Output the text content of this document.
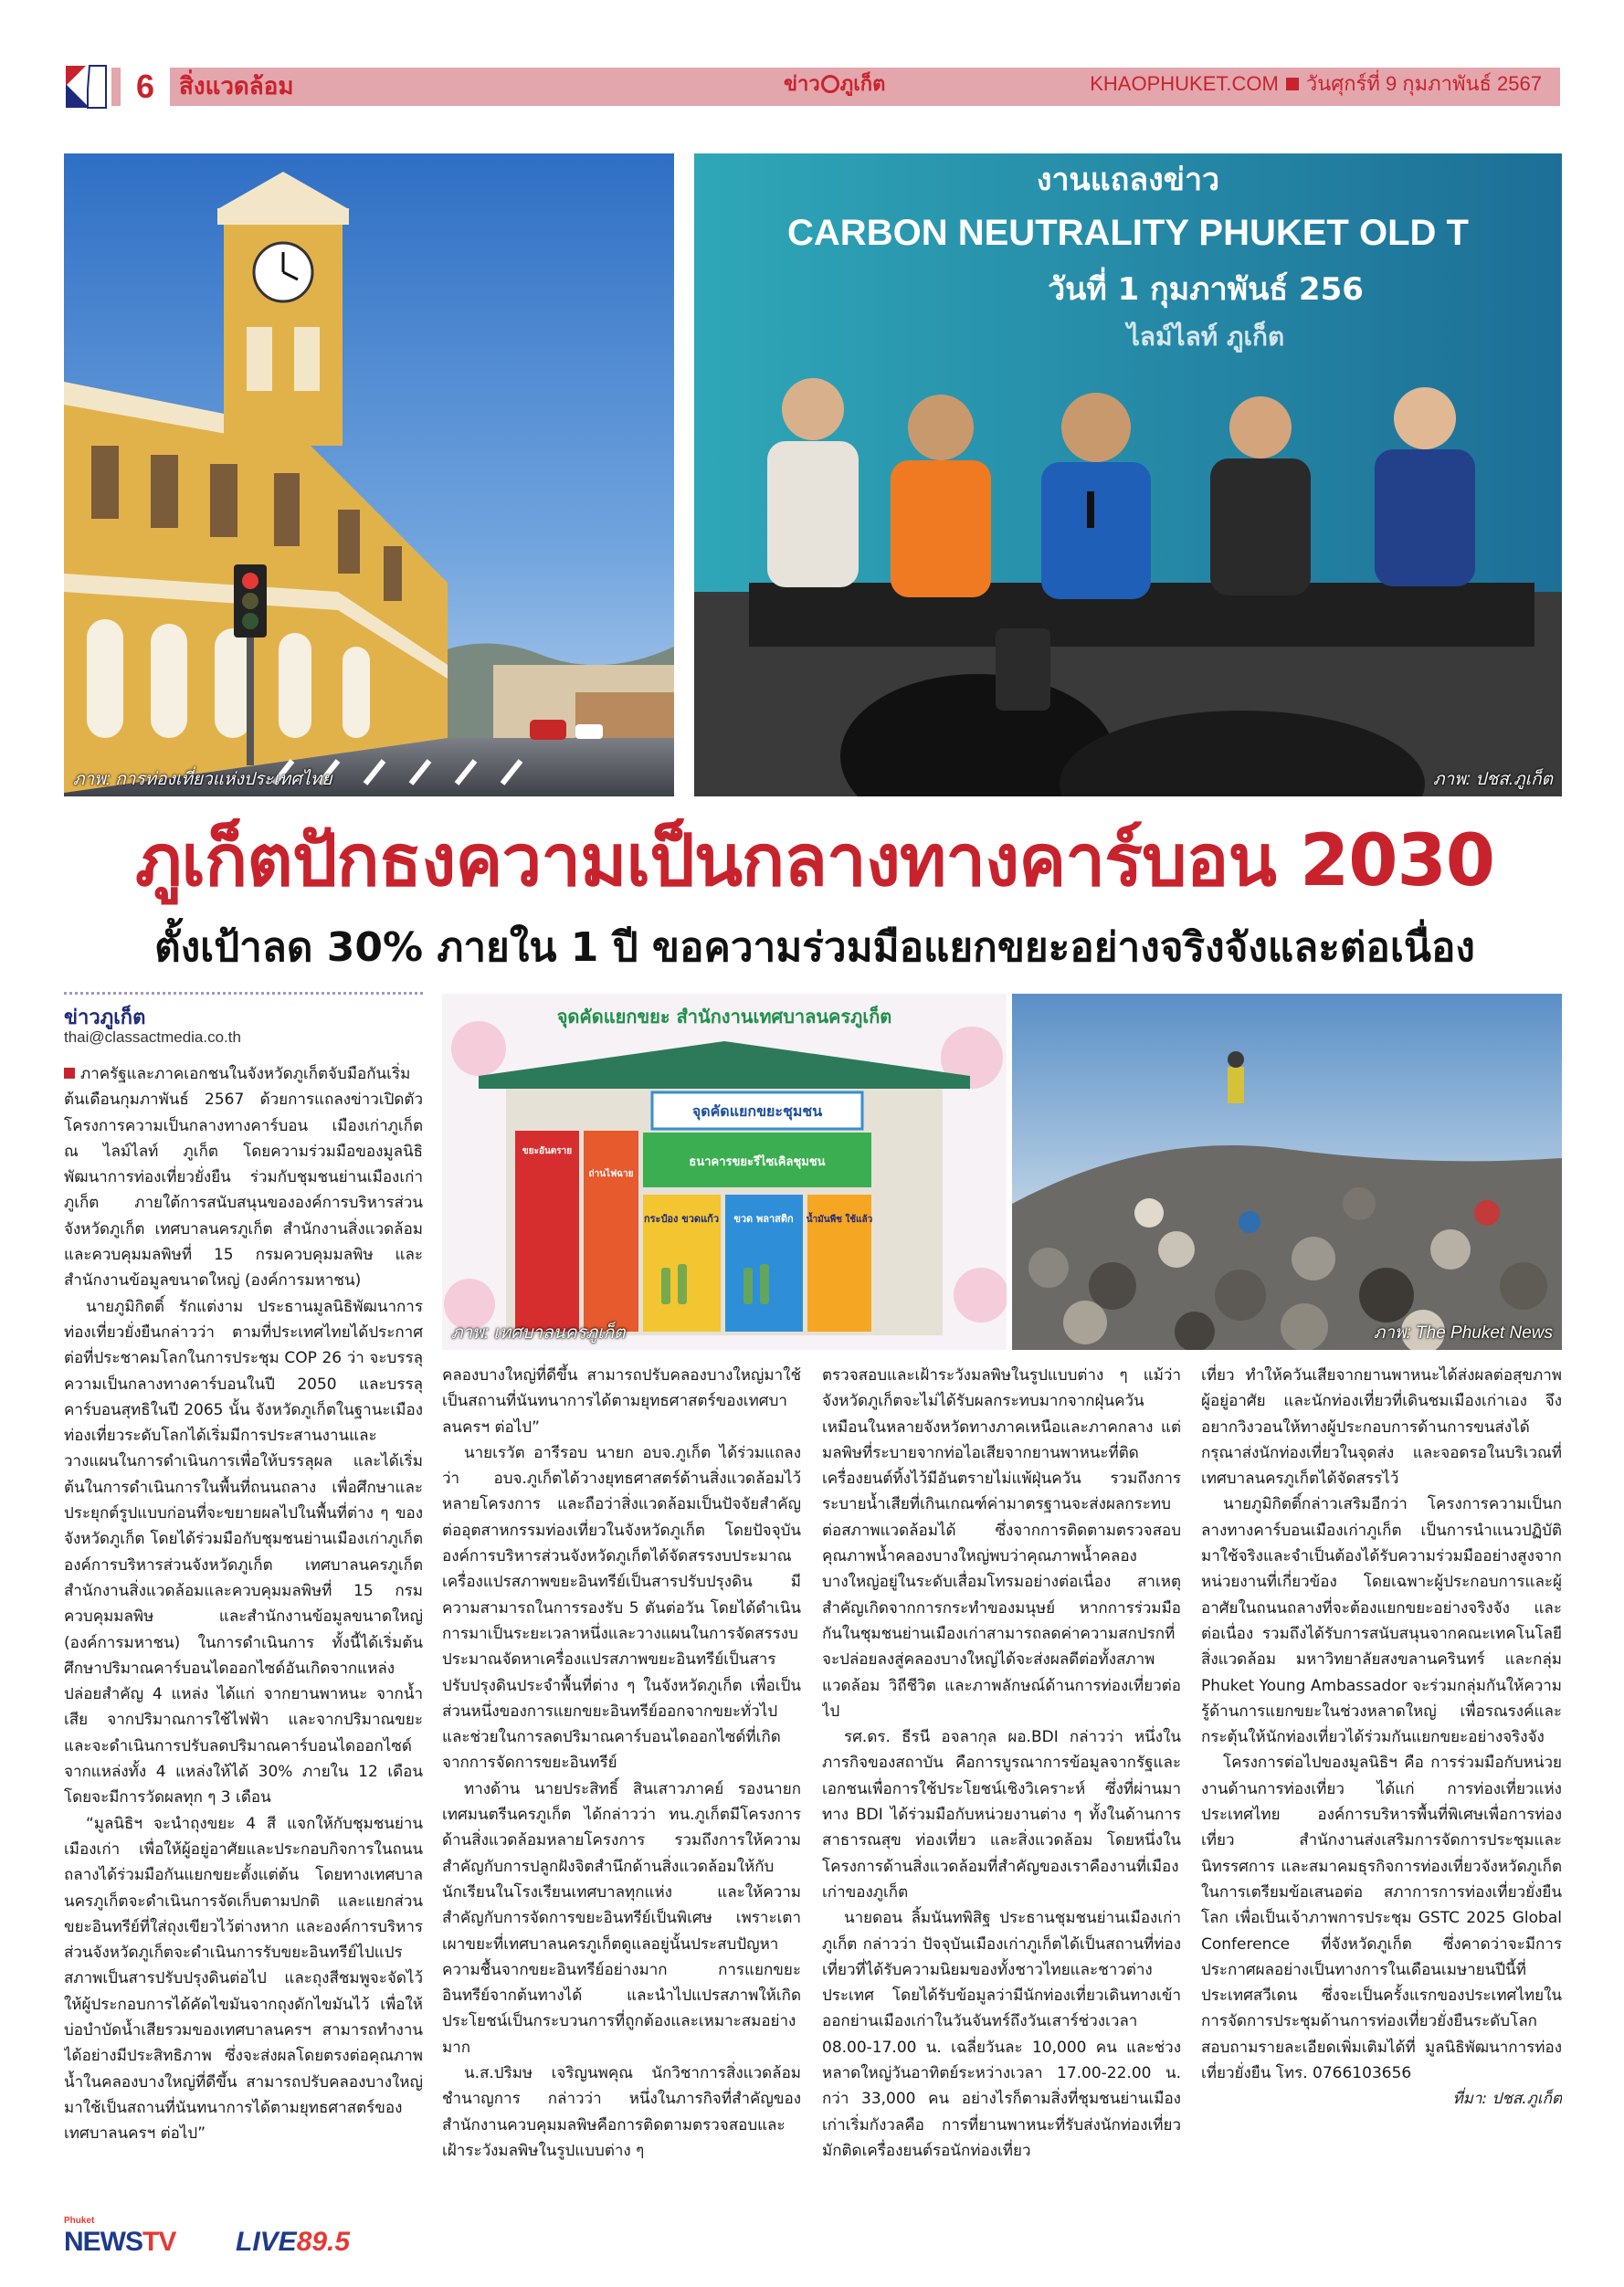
6	สิ่งแวดล้อม	ข่าว ภูเก็ต	KHAOPHUKET.COM วันศุกร์ที่ 9 กุมภาพันธ์ 2567
ภาพ: การท่องเที่ยวแห่งประเทศไทย
งานแถลงข่าว
CARBON NEUTRALITY PHUKET OLD T
วันที่ 1 กุมภาพันธ์ 256
ไลม์ไลท์ ภูเก็ต
ภาพ: ปชส.ภูเก็ต
ภูเก็ตปักธงความเป็นกลางทางคาร์บอน 2030
ตั้งเป้าลด 30% ภายใน 1 ปี ขอความร่วมมือแยกขยะอย่างจริงจังและต่อเนื่อง
ข่าวภูเก็ต
thai@classactmedia.co.th
จุดคัดแยกขยะ สำนักงานเทศบาลนครภูเก็ต
จุดคัดแยกขยะชุมชน
ขยะอันตราย
ถ่านไฟฉาย
ธนาคารขยะรีไซเคิลชุมชน
กระป๋อง ขวดแก้ว ขวด พลาสติก น้ำมันพืช ใช้แล้ว
ภาพ: เทศบาลนครภูเก็ต	ภาพ: The Phuket News

ภาครัฐและภาคเอกชนในจังหวัดภูเก็ตจับมือกันเริ่มต้นเดือนกุมภาพันธ์ 2567 ด้วยการแถลงข่าวเปิดตัว โครงการความเป็นกลางทางคาร์บอน เมืองเก่าภูเก็ต ณ ไลม์ไลท์ ภูเก็ต โดยความร่วมมือของมูลนิธิพัฒนาการท่องเที่ยวยั่งยืน ร่วมกับชุมชนย่านเมืองเก่าภูเก็ต ภายใต้การสนับสนุนขององค์การบริหารส่วนจังหวัดภูเก็ต เทศบาลนครภูเก็ต สำนักงานสิ่งแวดล้อมและควบคุมมลพิษที่ 15 กรมควบคุมมลพิษ และสำนักงานข้อมูลขนาดใหญ่ (องค์การมหาชน)

นายภูมิกิตติ์ รักแต่งาม ประธานมูลนิธิพัฒนาการท่องเที่ยวยั่งยืนกล่าวว่า ตามที่ประเทศไทยได้ประกาศต่อที่ประชาคมโลกในการประชุม COP 26 ว่า จะบรรลุความเป็นกลางทางคาร์บอนในปี 2050 และบรรลุคาร์บอนสุทธิในปี 2065 นั้น จังหวัดภูเก็ตในฐานะเมืองท่องเที่ยวระดับโลกได้เริ่มมีการประสานงานและวางแผนในการดำเนินการเพื่อให้บรรลุผล และได้เริ่มต้นในการดำเนินการในพื้นที่ถนนถลาง เพื่อศึกษาและประยุกต์รูปแบบก่อนที่จะขยายผลไปในพื้นที่ต่าง ๆ ของจังหวัดภูเก็ต โดยได้ร่วมมือกับชุมชนย่านเมืองเก่าภูเก็ต องค์การบริหารส่วนจังหวัดภูเก็ต เทศบาลนครภูเก็ต สำนักงานสิ่งแวดล้อมและควบคุมมลพิษที่ 15 กรมควบคุมมลพิษ และสำนักงานข้อมูลขนาดใหญ่ (องค์การมหาชน) ในการดำเนินการ ทั้งนี้ได้เริ่มต้นศึกษาปริมาณคาร์บอนไดออกไซด์อันเกิดจากแหล่งปล่อยสำคัญ 4 แหล่ง ได้แก่ จากยานพาหนะ จากน้ำเสีย จากปริมาณการใช้ไฟฟ้า และจากปริมาณขยะ และจะดำเนินการปรับลดปริมาณคาร์บอนไดออกไซด์จากแหล่งทั้ง 4 แหล่งให้ได้ 30% ภายใน 12 เดือน โดยจะมีการวัดผลทุก ๆ 3 เดือน

“มูลนิธิฯ จะนำถุงขยะ 4 สี แจกให้กับชุมชนย่านเมืองเก่า เพื่อให้ผู้อยู่อาศัยและประกอบกิจการในถนนถลางได้ร่วมมือกันแยกขยะตั้งแต่ต้น โดยทางเทศบาลนครภูเก็ตจะดำเนินการจัดเก็บตามปกติ และแยกส่วนขยะอินทรีย์ที่ใส่ถุงเขียวไว้ต่างหาก และองค์การบริหารส่วนจังหวัดภูเก็ตจะดำเนินการรับขยะอินทรีย์ไปแปรสภาพเป็นสารปรับปรุงดินต่อไป และถุงสีชมพูจะจัดไว้ให้ผู้ประกอบการได้คัดไขมันจากถุงดักไขมันไว้ เพื่อให้บ่อบำบัดน้ำเสียรวมของเทศบาลนครฯ สามารถทำงานได้อย่างมีประสิทธิภาพ ซึ่งจะส่งผลโดยตรงต่อคุณภาพน้ำในคลองบางใหญ่ที่ดีขึ้น สามารถปรับคลองบางใหญ่มาใช้เป็นสถานที่นันทนาการได้ตามยุทธศาสตร์ของเทศบาลนครฯ ต่อไป”

คลองบางใหญ่ที่ดีขึ้น สามารถปรับคลองบางใหญ่มาใช้เป็นสถานที่นันทนาการได้ตามยุทธศาสตร์ของเทศบาลนครฯ ต่อไป”

นายเรวัต อารีรอบ นายก อบจ.ภูเก็ต ได้ร่วมแถลงว่า อบจ.ภูเก็ตได้วางยุทธศาสตร์ด้านสิ่งแวดล้อมไว้หลายโครงการ และถือว่าสิ่งแวดล้อมเป็นปัจจัยสำคัญต่ออุตสาหกรรมท่องเที่ยวในจังหวัดภูเก็ต โดยปัจจุบันองค์การบริหารส่วนจังหวัดภูเก็ตได้จัดสรรงบประมาณเครื่องแปรสภาพขยะอินทรีย์เป็นสารปรับปรุงดิน มีความสามารถในการรองรับ 5 ตันต่อวัน โดยได้ดำเนินการมาเป็นระยะเวลาหนึ่งและวางแผนในการจัดสรรงบประมาณจัดหาเครื่องแปรสภาพขยะอินทรีย์เป็นสารปรับปรุงดินประจำพื้นที่ต่าง ๆ ในจังหวัดภูเก็ต เพื่อเป็นส่วนหนึ่งของการแยกขยะอินทรีย์ออกจากขยะทั่วไป และช่วยในการลดปริมาณคาร์บอนไดออกไซด์ที่เกิดจากการจัดการขยะอินทรีย์

ทางด้าน นายประสิทธิ์ สินเสาวภาคย์ รองนายกเทศมนตรีนครภูเก็ต ได้กล่าวว่า ทน.ภูเก็ตมีโครงการด้านสิ่งแวดล้อมหลายโครงการ รวมถึงการให้ความสำคัญกับการปลูกฝังจิตสำนึกด้านสิ่งแวดล้อมให้กับนักเรียนในโรงเรียนเทศบาลทุกแห่ง และให้ความสำคัญกับการจัดการขยะอินทรีย์เป็นพิเศษ เพราะเตาเผาขยะที่เทศบาลนครภูเก็ตดูแลอยู่นั้นประสบปัญหาความชื้นจากขยะอินทรีย์อย่างมาก การแยกขยะอินทรีย์จากต้นทางได้ และนำไปแปรสภาพให้เกิดประโยชน์เป็นกระบวนการที่ถูกต้องและเหมาะสมอย่างมาก

น.ส.ปริมษ เจริญนพคุณ นักวิชาการสิ่งแวดล้อมชำนาญการ กล่าวว่า หนึ่งในภารกิจที่สำคัญของสำนักงานควบคุมมลพิษคือการติดตามตรวจสอบและเฝ้าระวังมลพิษในรูปแบบต่าง ๆ

ตรวจสอบและเฝ้าระวังมลพิษในรูปแบบต่าง ๆ แม้ว่าจังหวัดภูเก็ตจะไม่ได้รับผลกระทบมากจากฝุ่นควันเหมือนในหลายจังหวัดทางภาคเหนือและภาคกลาง แต่มลพิษที่ระบายจากท่อไอเสียจากยานพาหนะที่ติดเครื่องยนต์ทิ้งไว้มีอันตรายไม่แพ้ฝุ่นควัน รวมถึงการระบายน้ำเสียที่เกินเกณฑ์ค่ามาตรฐานจะส่งผลกระทบต่อสภาพแวดล้อมได้ ซึ่งจากการติดตามตรวจสอบคุณภาพน้ำคลองบางใหญ่พบว่าคุณภาพน้ำคลองบางใหญ่อยู่ในระดับเสื่อมโทรมอย่างต่อเนื่อง สาเหตุสำคัญเกิดจากการกระทำของมนุษย์ หากการร่วมมือกันในชุมชนย่านเมืองเก่าสามารถลดค่าความสกปรกที่จะปล่อยลงสู่คลองบางใหญ่ได้จะส่งผลดีต่อทั้งสภาพแวดล้อม วิถีชีวิต และภาพลักษณ์ด้านการท่องเที่ยวต่อไป

รศ.ดร. ธีรนี อจลากุล ผอ.BDI กล่าวว่า หนึ่งในภารกิจของสถาบัน คือการบูรณาการข้อมูลจากรัฐและเอกชนเพื่อการใช้ประโยชน์เชิงวิเคราะห์ ซึ่งที่ผ่านมาทาง BDI ได้ร่วมมือกับหน่วยงานต่าง ๆ ทั้งในด้านการสาธารณสุข ท่องเที่ยว และสิ่งแวดล้อม โดยหนึ่งในโครงการด้านสิ่งแวดล้อมที่สำคัญของเราคืองานที่เมืองเก่าของภูเก็ต

นายดอน ลิ้มนันทพิสิฐ ประธานชุมชนย่านเมืองเก่าภูเก็ต กล่าวว่า ปัจจุบันเมืองเก่าภูเก็ตได้เป็นสถานที่ท่องเที่ยวที่ได้รับความนิยมของทั้งชาวไทยและชาวต่างประเทศ โดยได้รับข้อมูลว่ามีนักท่องเที่ยวเดินทางเข้าออกย่านเมืองเก่าในวันจันทร์ถึงวันเสาร์ช่วงเวลา 08.00-17.00 น. เฉลี่ยวันละ 10,000 คน และช่วงหลาดใหญ่วันอาทิตย์ระหว่างเวลา 17.00-22.00 น. กว่า 33,000 คน อย่างไรก็ตามสิ่งที่ชุมชนย่านเมืองเก่าเริ่มกังวลคือ การที่ยานพาหนะที่รับส่งนักท่องเที่ยวมักติดเครื่องยนต์รอนักท่องเที่ยว

เที่ยว ทำให้ควันเสียจากยานพาหนะได้ส่งผลต่อสุขภาพผู้อยู่อาศัย และนักท่องเที่ยวที่เดินชมเมืองเก่าเอง จึงอยากวิงวอนให้ทางผู้ประกอบการด้านการขนส่งได้กรุณาส่งนักท่องเที่ยวในจุดส่ง และจอดรอในบริเวณที่เทศบาลนครภูเก็ตได้จัดสรรไว้

นายภูมิกิตติ์กล่าวเสริมอีกว่า โครงการความเป็นกลางทางคาร์บอนเมืองเก่าภูเก็ต เป็นการนำแนวปฏิบัติมาใช้จริงและจำเป็นต้องได้รับความร่วมมืออย่างสูงจากหน่วยงานที่เกี่ยวข้อง โดยเฉพาะผู้ประกอบการและผู้อาศัยในถนนถลางที่จะต้องแยกขยะอย่างจริงจัง และต่อเนื่อง รวมถึงได้รับการสนับสนุนจากคณะเทคโนโลยีสิ่งแวดล้อม มหาวิทยาลัยสงขลานครินทร์ และกลุ่ม Phuket Young Ambassador จะร่วมกลุ่มกันให้ความรู้ด้านการแยกขยะในช่วงหลาดใหญ่ เพื่อรณรงค์และกระตุ้นให้นักท่องเที่ยวได้ร่วมกันแยกขยะอย่างจริงจัง

โครงการต่อไปของมูลนิธิฯ คือ การร่วมมือกับหน่วยงานด้านการท่องเที่ยว ได้แก่ การท่องเที่ยวแห่งประเทศไทย องค์การบริหารพื้นที่พิเศษเพื่อการท่องเที่ยว สำนักงานส่งเสริมการจัดการประชุมและนิทรรศการ และสมาคมธุรกิจการท่องเที่ยวจังหวัดภูเก็ตในการเตรียมข้อเสนอต่อ สภาการการท่องเที่ยวยั่งยืนโลก เพื่อเป็นเจ้าภาพการประชุม GSTC 2025 Global Conference ที่จังหวัดภูเก็ต ซึ่งคาดว่าจะมีการประกาศผลอย่างเป็นทางการในเดือนเมษายนปีนี้ที่ประเทศสวีเดน ซึ่งจะเป็นครั้งแรกของประเทศไทยในการจัดการประชุมด้านการท่องเที่ยวยั่งยืนระดับโลก สอบถามรายละเอียดเพิ่มเติมได้ที่ มูลนิธิพัฒนาการท่องเที่ยวยั่งยืน โทร. 0766103656

ที่มา: ปชส.ภูเก็ต

Phuket
NEWSTV LIVE89.5
